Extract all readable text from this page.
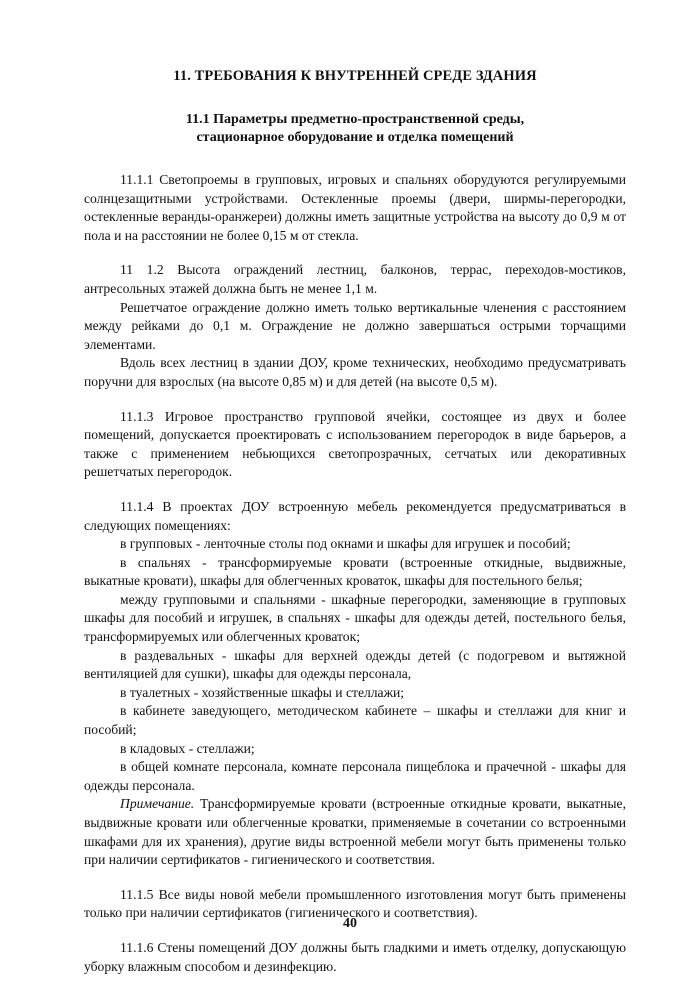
11. ТРЕБОВАНИЯ К ВНУТРЕННЕЙ СРЕДЕ ЗДАНИЯ
11.1 Параметры предметно-пространственной среды,
стационарное оборудование и отделка помещений

11.1.1 Светопроемы в групповых, игровых и спальнях оборудуются регулируемыми солнцезащитными устройствами. Остекленные проемы (двери, ширмы-перегородки, остекленные веранды-оранжереи) должны иметь защитные устройства на высоту до 0,9 м от пола и на расстоянии не более 0,15 м от стекла.

11 1.2 Высота ограждений лестниц, балконов, террас, переходов-мостиков, антресольных этажей должна быть не менее 1,1 м.

Решетчатое ограждение должно иметь только вертикальные членения с расстоянием между рейками до 0,1 м. Ограждение не должно завершаться острыми торчащими элементами.

Вдоль всех лестниц в здании ДОУ, кроме технических, необходимо предусматривать поручни для взрослых (на высоте 0,85 м) и для детей (на высоте 0,5 м).

11.1.3 Игровое пространство групповой ячейки, состоящее из двух и более помещений, допускается проектировать с использованием перегородок в виде барьеров, а также с применением небьющихся светопрозрачных, сетчатых или декоративных решетчатых перегородок.

11.1.4 В проектах ДОУ встроенную мебель рекомендуется предусматриваться в следующих помещениях:

в групповых - ленточные столы под окнами и шкафы для игрушек и пособий;

в спальнях - трансформируемые кровати (встроенные откидные, выдвижные, выкатные кровати), шкафы для облегченных кроваток, шкафы для постельного белья;

между групповыми и спальнями - шкафные перегородки, заменяющие в групповых шкафы для пособий и игрушек, в спальнях - шкафы для одежды детей, постельного белья, трансформируемых или облегченных кроваток;

в раздевальных - шкафы для верхней одежды детей (с подогревом и вытяжной вентиляцией для сушки), шкафы для одежды персонала,

в туалетных - хозяйственные шкафы и стеллажи;

в кабинете заведующего, методическом кабинете – шкафы и стеллажи для книг и пособий;

в кладовых - стеллажи;

в общей комнате персонала, комнате персонала пищеблока и прачечной - шкафы для одежды персонала.

Примечание. Трансформируемые кровати (встроенные откидные кровати, выкатные, выдвижные кровати или облегченные кроватки, применяемые в сочетании со встроенными шкафами для их хранения), другие виды встроенной мебели могут быть применены только при наличии сертификатов - гигиенического и соответствия.

11.1.5 Все виды новой мебели промышленного изготовления могут быть применены только при наличии сертификатов (гигиенического и соответствия).

11.1.6 Стены помещений ДОУ должны быть гладкими и иметь отделку, допускающую уборку влажным способом и дезинфекцию.

40
